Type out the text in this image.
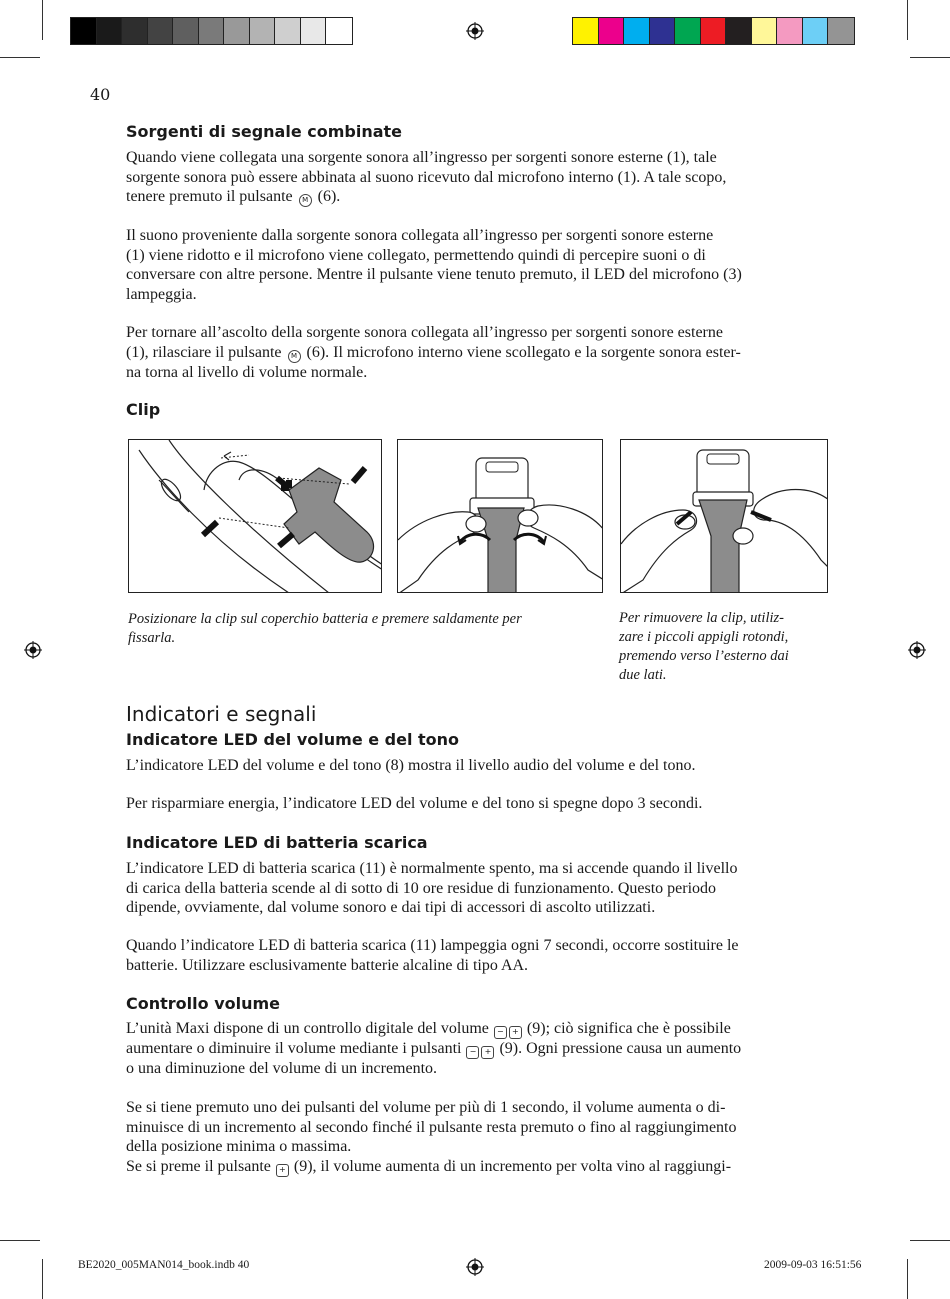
40
Sorgenti di segnale combinate

Quando viene collegata una sorgente sonora all’ingresso per sorgenti sonore esterne (1), tale

sorgente sonora può essere abbinata al suono ricevuto dal microfono interno (1). A tale scopo,

tenere premuto il pulsante M (6).

Il suono proveniente dalla sorgente sonora collegata all’ingresso per sorgenti sonore esterne

(1) viene ridotto e il microfono viene collegato, permettendo quindi di percepire suoni o di

conversare con altre persone. Mentre il pulsante viene tenuto premuto, il LED del microfono (3)

lampeggia.

Per tornare all’ascolto della sorgente sonora collegata all’ingresso per sorgenti sonore esterne

(1), rilasciare il pulsante M (6). Il microfono interno viene scollegato e la sorgente sonora ester-

na torna al livello di volume normale.

Clip

Posizionare la clip sul coperchio batteria e premere saldamente per

fissarla.

Per rimuovere la clip, utiliz-

zare i piccoli appigli rotondi,

premendo verso l’esterno dai

due lati.

Indicatori e segnali
Indicatore LED del volume e del tono
L’indicatore LED del volume e del tono (8) mostra il livello audio del volume e del tono.
Per risparmiare energia, l’indicatore LED del volume e del tono si spegne dopo 3 secondi.
Indicatore LED di batteria scarica

L’indicatore LED di batteria scarica (11) è normalmente spento, ma si accende quando il livello

di carica della batteria scende al di sotto di 10 ore residue di funzionamento. Questo periodo

dipende, ovviamente, dal volume sonoro e dai tipi di accessori di ascolto utilizzati.

Quando l’indicatore LED di batteria scarica (11) lampeggia ogni 7 secondi, occorre sostituire le

batterie. Utilizzare esclusivamente batterie alcaline di tipo AA.

Controllo volume

L’unità Maxi dispone di un controllo digitale del volume − + (9); ciò significa che è possibile

aumentare o diminuire il volume mediante i pulsanti − + (9). Ogni pressione causa un aumento

o una diminuzione del volume di un incremento.

Se si tiene premuto uno dei pulsanti del volume per più di 1 secondo, il volume aumenta o di-

minuisce di un incremento al secondo finché il pulsante resta premuto o fino al raggiungimento

della posizione minima o massima.

Se si preme il pulsante + (9), il volume aumenta di un incremento per volta vino al raggiungi-

BE2020_005MAN014_book.indb 40	2009-09-03 16:51:56
